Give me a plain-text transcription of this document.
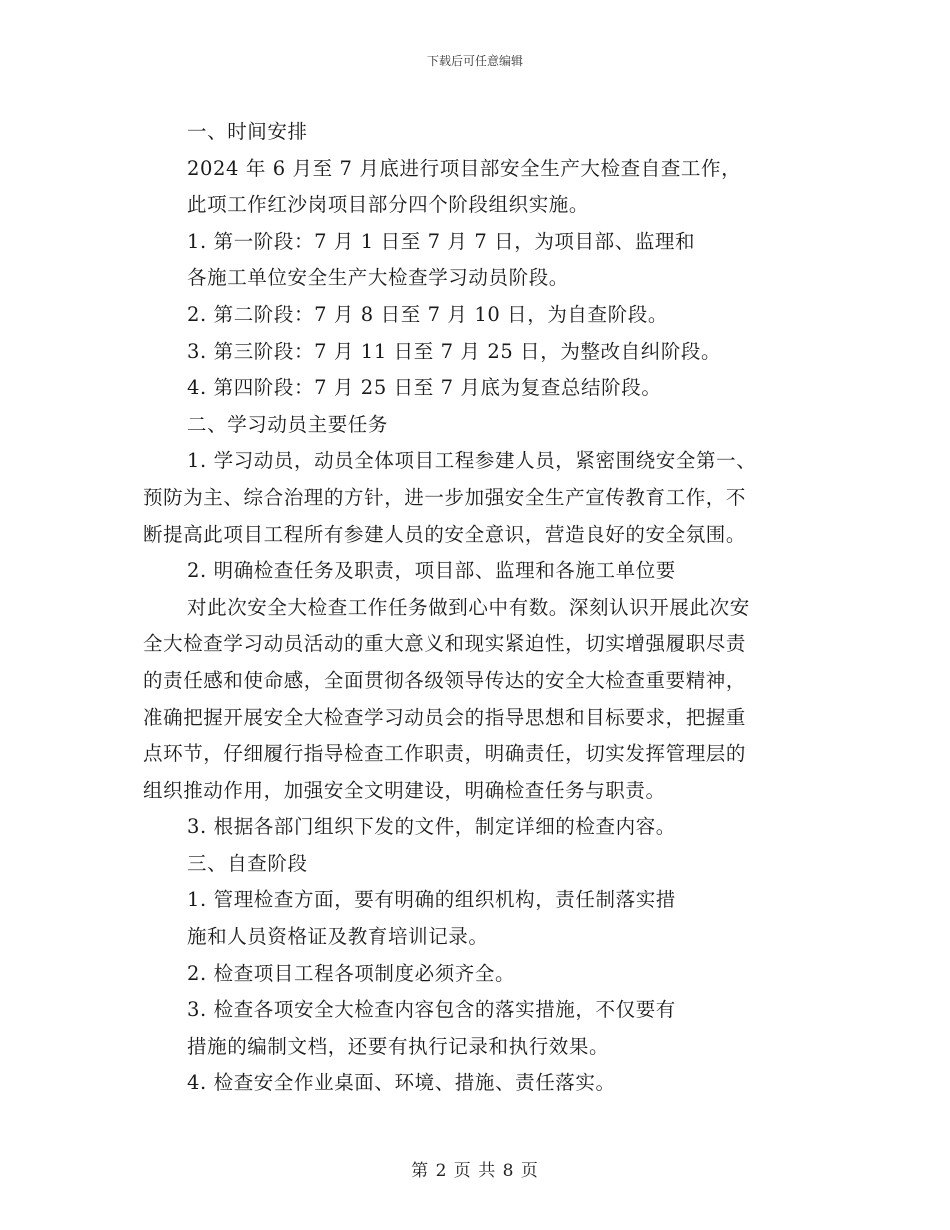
下载后可任意编辑
一、时间安排
2024 年 6 月至 7 月底进行项目部安全生产大检查自查工作，
此项工作红沙岗项目部分四个阶段组织实施。
1. 第一阶段：7 月 1 日至 7 月 7 日，为项目部、监理和
各施工单位安全生产大检查学习动员阶段。
2. 第二阶段：7 月 8 日至 7 月 10 日，为自查阶段。
3. 第三阶段：7 月 11 日至 7 月 25 日，为整改自纠阶段。
4. 第四阶段：7 月 25 日至 7 月底为复查总结阶段。
二、学习动员主要任务
1. 学习动员，动员全体项目工程参建人员，紧密围绕安全第一、
预防为主、综合治理的方针，进一步加强安全生产宣传教育工作，不
断提高此项目工程所有参建人员的安全意识，营造良好的安全氛围。
2. 明确检查任务及职责，项目部、监理和各施工单位要
对此次安全大检查工作任务做到心中有数。深刻认识开展此次安
全大检查学习动员活动的重大意义和现实紧迫性，切实增强履职尽责
的责任感和使命感，全面贯彻各级领导传达的安全大检查重要精神，
准确把握开展安全大检查学习动员会的指导思想和目标要求，把握重
点环节，仔细履行指导检查工作职责，明确责任，切实发挥管理层的
组织推动作用，加强安全文明建设，明确检查任务与职责。
3. 根据各部门组织下发的文件，制定详细的检查内容。
三、自查阶段
1. 管理检查方面，要有明确的组织机构，责任制落实措
施和人员资格证及教育培训记录。
2. 检查项目工程各项制度必须齐全。
3. 检查各项安全大检查内容包含的落实措施，不仅要有
措施的编制文档，还要有执行记录和执行效果。
4. 检查安全作业桌面、环境、措施、责任落实。
第 2 页 共 8 页
